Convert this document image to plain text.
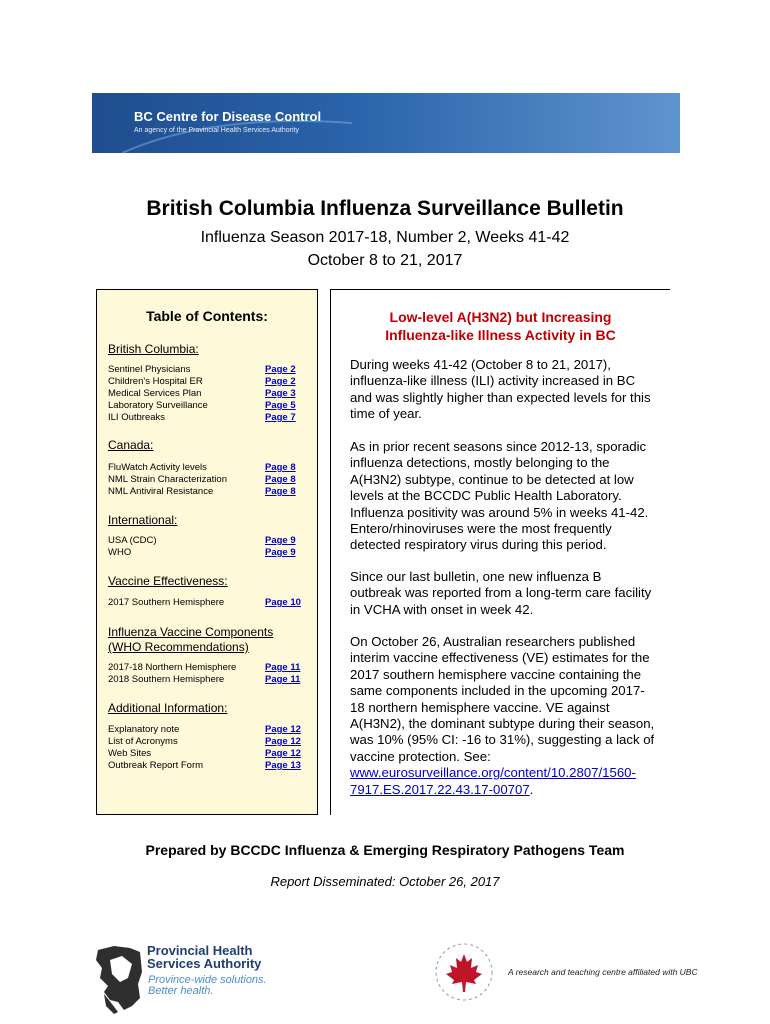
BC Centre for Disease Control
An agency of the Provincial Health Services Authority
British Columbia Influenza Surveillance Bulletin
Influenza Season 2017-18, Number 2, Weeks 41-42
October 8 to 21, 2017
Table of Contents:
British Columbia:
Sentinel Physicians	Page 2
Children's Hospital ER	Page 2
Medical Services Plan	Page 3
Laboratory Surveillance	Page 5
ILI Outbreaks	Page 7
Canada:
FluWatch Activity levels	Page 8
NML Strain Characterization	Page 8
NML Antiviral Resistance	Page 8
International:
USA (CDC)	Page 9
WHO	Page 9
Vaccine Effectiveness:
2017 Southern Hemisphere	Page 10
Influenza Vaccine Components
(WHO Recommendations)
2017-18 Northern Hemisphere	Page 11
2018 Southern Hemisphere	Page 11
Additional Information:
Explanatory note	Page 12
List of Acronyms	Page 12
Web Sites	Page 12
Outbreak Report Form	Page 13
Low-level A(H3N2) but Increasing
Influenza-like Illness Activity in BC
During weeks 41-42 (October 8 to 21, 2017), influenza-like illness (ILI) activity increased in BC and was slightly higher than expected levels for this time of year.
As in prior recent seasons since 2012-13, sporadic influenza detections, mostly belonging to the A(H3N2) subtype, continue to be detected at low levels at the BCCDC Public Health Laboratory. Influenza positivity was around 5% in weeks 41-42. Entero/rhinoviruses were the most frequently detected respiratory virus during this period.
Since our last bulletin, one new influenza B outbreak was reported from a long-term care facility in VCHA with onset in week 42.
On October 26, Australian researchers published interim vaccine effectiveness (VE) estimates for the 2017 southern hemisphere vaccine containing the same components included in the upcoming 2017-18 northern hemisphere vaccine. VE against A(H3N2), the dominant subtype during their season, was 10% (95% CI: -16 to 31%), suggesting a lack of vaccine protection. See: www.eurosurveillance.org/content/10.2807/1560-7917.ES.2017.22.43.17-00707.
Prepared by BCCDC Influenza & Emerging Respiratory Pathogens Team
Report Disseminated: October 26, 2017
Provincial Health
Services Authority
Province-wide solutions.
Better health.
A research and teaching centre affiliated with UBC
